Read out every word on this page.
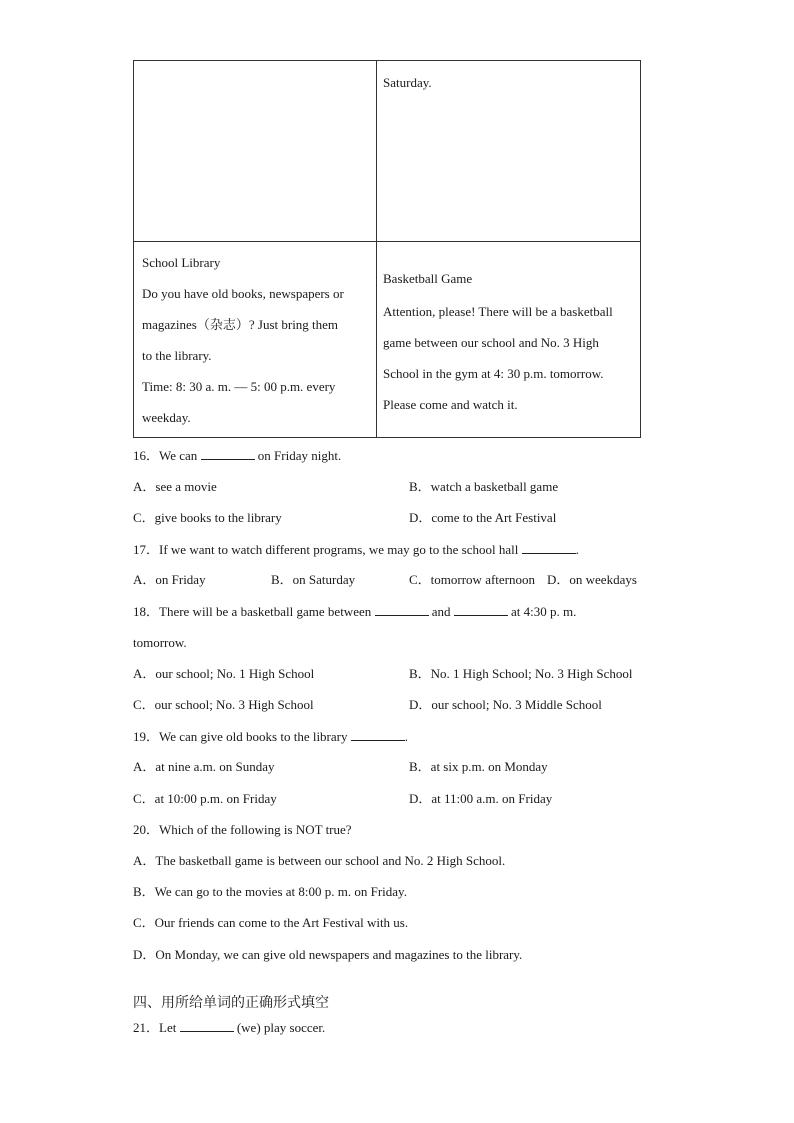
Saturday.
School Library
Do you have old books, newspapers or
magazines（杂志）? Just bring them
to the library.
Time: 8: 30 a. m. — 5: 00 p.m. every
weekday.
Basketball Game
Attention, please! There will be a basketball
game between our school and No. 3 High
School in the gym at 4: 30 p.m. tomorrow.
Please come and watch it.
16．We can	on Friday night.
A．see a movie	B．watch a basketball game
C．give books to the library	D．come to the Art Festival
17．If we want to watch different programs, we may go to the school hall	.
A．on Friday	B．on Saturday	C．tomorrow afternoon D．on weekdays
18．There will be a basketball game between	and	at 4:30 p. m.
tomorrow.
A．our school; No. 1 High School	B．No. 1 High School; No. 3 High School
C．our school; No. 3 High School	D．our school; No. 3 Middle School
19．We can give old books to the library	.
A．at nine a.m. on Sunday	B．at six p.m. on Monday
C．at 10:00 p.m. on Friday	D．at 11:00 a.m. on Friday
20．Which of the following is NOT true?
A．The basketball game is between our school and No. 2 High School.
B．We can go to the movies at 8:00 p. m. on Friday.
C．Our friends can come to the Art Festival with us.
D．On Monday, we can give old newspapers and magazines to the library.
四、用所给单词的正确形式填空
21．Let	(we) play soccer.
